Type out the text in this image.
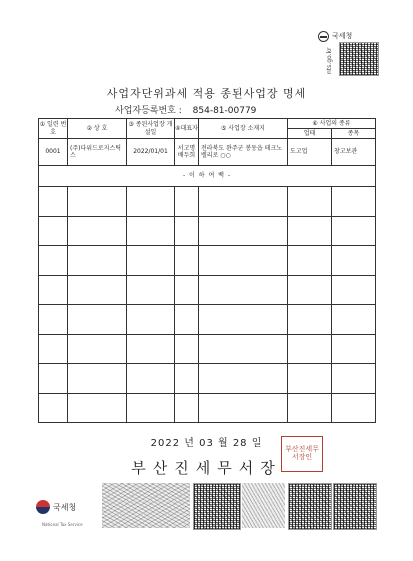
국세청
nts.go.kr
사업자단위과세 적용 종된사업장 명세
사업자등록번호 : 854-81-00779
① 일련 번호	② 상 호	③ 종된사업장 개설일	④대표자	⑤ 사업장 소재지	⑥ 사업의 종류	
					업태	종목
0001	(주)다위드로지스틱스	2022/01/01	서고명 배두희	전라북도 완주군 봉동읍 테크노밸리로 ○○	도고업	창고보관
- 이 하 여 백 -						

2022 년 03 월 28 일
부산진세무서장
부산진세무서장인
국세청
National Tax Service
